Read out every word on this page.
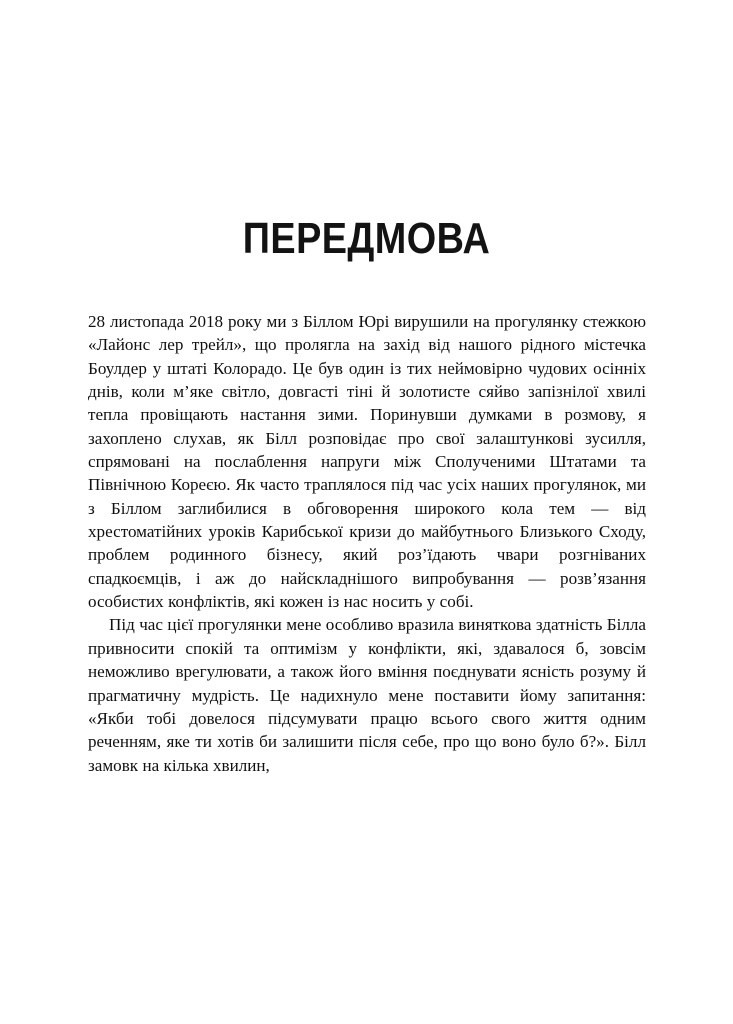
ПЕРЕДМОВА

28 листопада 2018 року ми з Біллом Юрі вирушили на прогулянку стежкою «Лайонс лер трейл», що пролягла на захід від нашого рідного містечка Боулдер у штаті Колорадо. Це був один із тих неймовірно чудових осінніх днів, коли м’яке світло, довгасті тіні й золотисте сяйво запізнілої хвилі тепла провіщають настання зими. Поринувши думками в розмову, я захоплено слухав, як Білл розповідає про свої залаштункові зусилля, спрямовані на послаблення напруги між Сполученими Штатами та Північною Кореєю. Як часто траплялося під час усіх наших прогулянок, ми з Біллом заглибилися в обговорення широкого кола тем — від хрестоматійних уроків Карибської кризи до майбутнього Близького Сходу, проблем родинного бізнесу, який роз’їдають чвари розгніваних спадкоємців, і аж до найскладнішого випробування — розв’язання особистих конфліктів, які кожен із нас носить у собі.

Під час цієї прогулянки мене особливо вразила виняткова здатність Білла привносити спокій та оптимізм у конфлікти, які, здавалося б, зовсім неможливо врегулювати, а також його вміння поєднувати ясність розуму й прагматичну мудрість. Це надихнуло мене поставити йому запитання: «Якби тобі довелося підсумувати працю всього свого життя одним реченням, яке ти хотів би залишити після себе, про що воно було б?». Білл замовк на кілька хвилин,
